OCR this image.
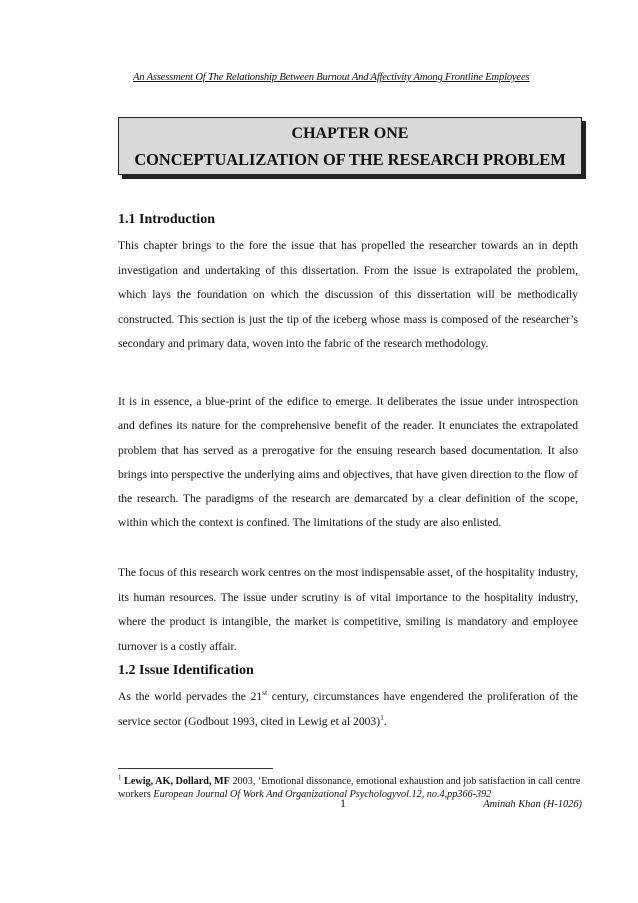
An Assessment Of The Relationship Between Burnout And Affectivity Among Frontline Employees
CHAPTER ONE
CONCEPTUALIZATION OF THE RESEARCH PROBLEM
1.1 Introduction
This chapter brings to the fore the issue that has propelled the researcher towards an in depth investigation and undertaking of this dissertation. From the issue is extrapolated the problem, which lays the foundation on which the discussion of this dissertation will be methodically constructed. This section is just the tip of the iceberg whose mass is composed of the researcher’s secondary and primary data, woven into the fabric of the research methodology.
It is in essence, a blue-print of the edifice to emerge. It deliberates the issue under introspection and defines its nature for the comprehensive benefit of the reader. It enunciates the extrapolated problem that has served as a prerogative for the ensuing research based documentation. It also brings into perspective the underlying aims and objectives, that have given direction to the flow of the research. The paradigms of the research are demarcated by a clear definition of the scope, within which the context is confined. The limitations of the study are also enlisted.
The focus of this research work centres on the most indispensable asset, of the hospitality industry, its human resources. The issue under scrutiny is of vital importance to the hospitality industry, where the product is intangible, the market is competitive, smiling is mandatory and employee turnover is a costly affair.
1.2 Issue Identification
As the world pervades the 21st century, circumstances have engendered the proliferation of the service sector (Godbout 1993, cited in Lewig et al 2003)$^1$.
$^1$ Lewig, AK, Dollard, MF 2003, ‘Emotional dissonance, emotional exhaustion and job satisfaction in call centre workers European Journal Of Work And Organizational Psychologyvol.12, no.4,pp366-392
1	Aminah Khan (H-1026)
